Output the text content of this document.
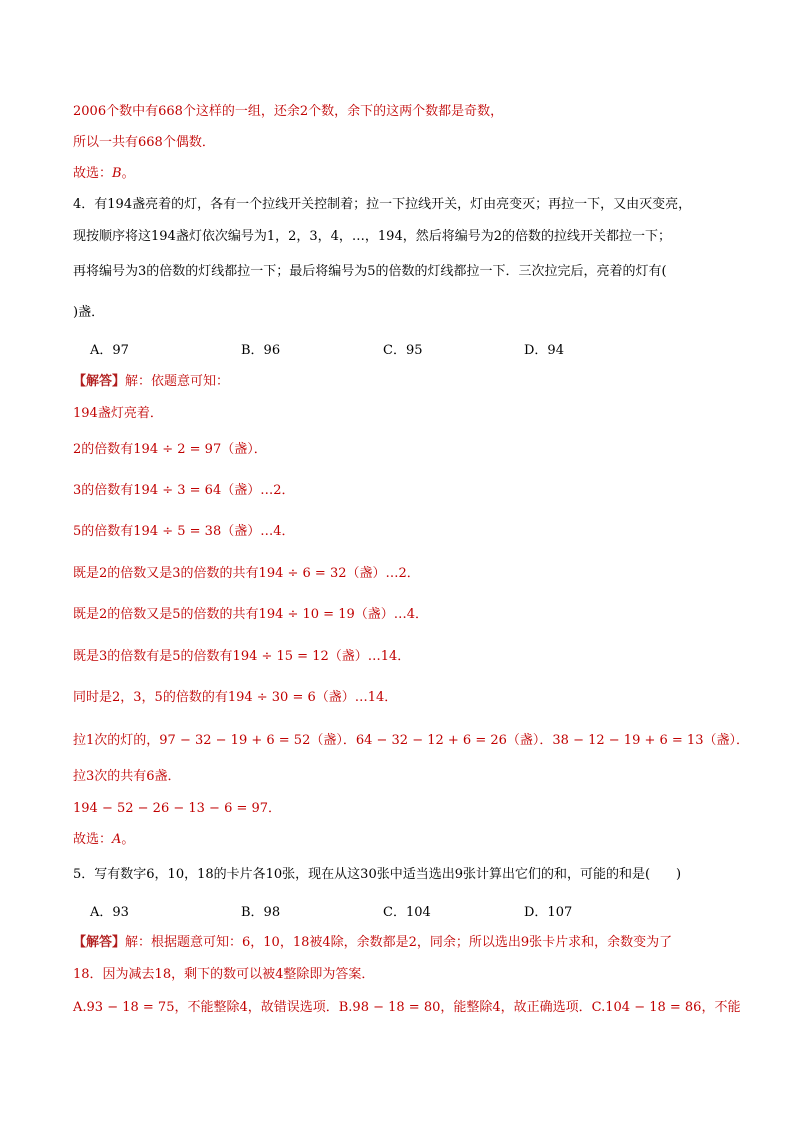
2006个数中有668个这样的一组，还余2个数，余下的这两个数都是奇数，
所以一共有668个偶数．
故选：B。
4．有194盏亮着的灯，各有一个拉线开关控制着；拉一下拉线开关，灯由亮变灭；再拉一下，又由灭变亮，
现按顺序将这194盏灯依次编号为1，2，3，4，…，194，然后将编号为2的倍数的拉线开关都拉一下；
再将编号为3的倍数的灯线都拉一下；最后将编号为5的倍数的灯线都拉一下．三次拉完后，亮着的灯有(
)盏．
A．97	B．96	C．95	D．94
【解答】解：依题意可知：
194盏灯亮着．
2的倍数有194 ÷ 2 = 97（盏）．
3的倍数有194 ÷ 3 = 64（盏）…2．
5的倍数有194 ÷ 5 = 38（盏）…4．
既是2的倍数又是3的倍数的共有194 ÷ 6 = 32（盏）…2．
既是2的倍数又是5的倍数的共有194 ÷ 10 = 19（盏）…4．
既是3的倍数有是5的倍数有194 ÷ 15 = 12（盏）…14．
同时是2，3，5的倍数的有194 ÷ 30 = 6（盏）…14．
拉1次的灯的，97 − 32 − 19 + 6 = 52（盏）．64 − 32 − 12 + 6 = 26（盏）．38 − 12 − 19 + 6 = 13（盏）．
拉3次的共有6盏．
194 − 52 − 26 − 13 − 6 = 97．
故选：A。
5．写有数字6，10，18的卡片各10张，现在从这30张中适当选出9张计算出它们的和，可能的和是(　　)
A．93	B．98	C．104	D．107
【解答】解：根据题意可知：6，10，18被4除，余数都是2，同余；所以选出9张卡片求和，余数变为了
18．因为减去18，剩下的数可以被4整除即为答案．
A.93 − 18 = 75，不能整除4，故错误选项．B.98 − 18 = 80，能整除4，故正确选项．C.104 − 18 = 86，不能
